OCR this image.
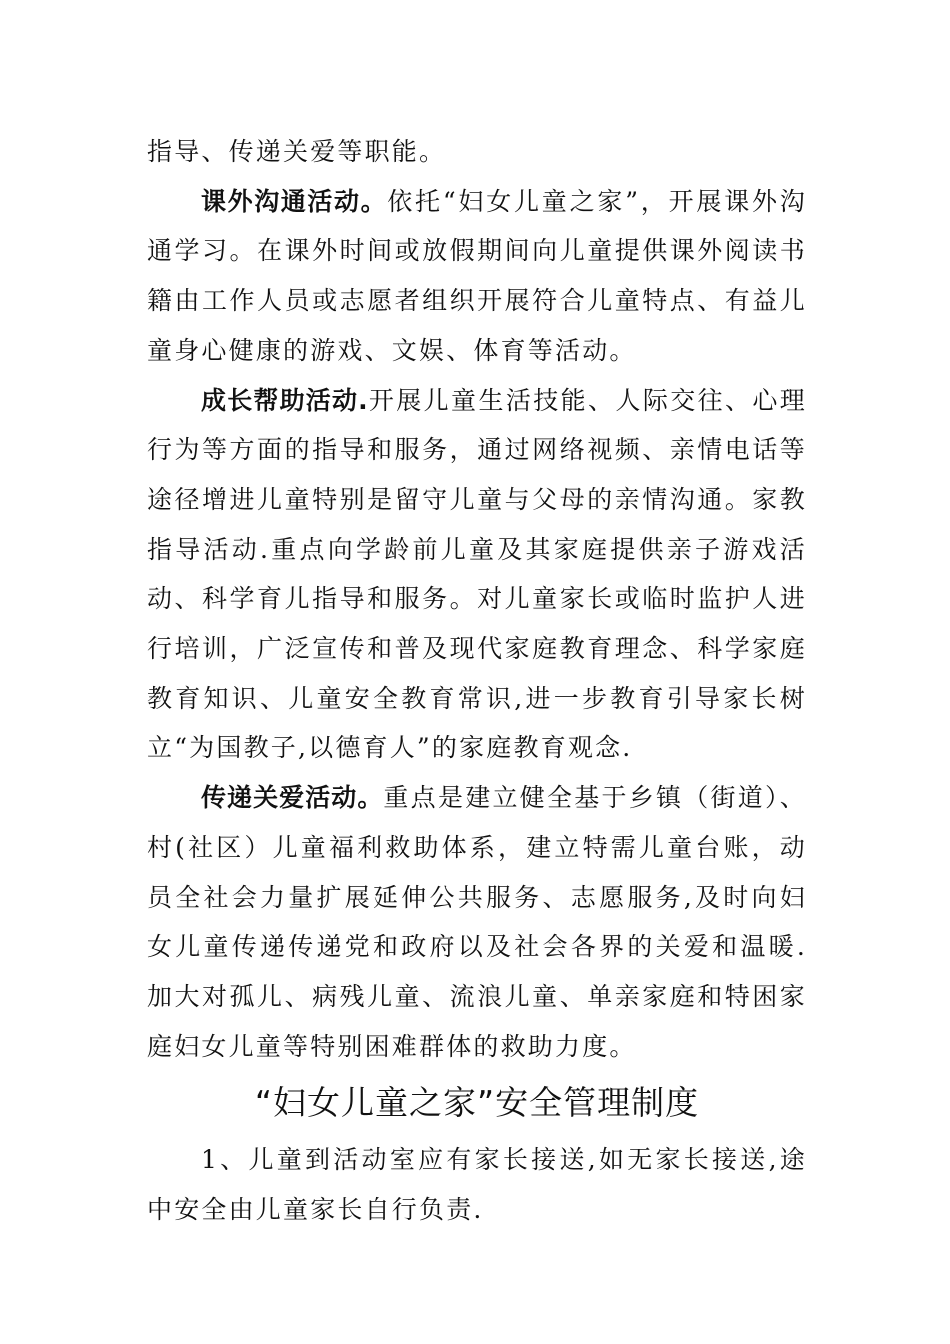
指导、传递关爱等职能。

课外沟通活动。依托“妇女儿童之家”，开展课外沟通学习。在课外时间或放假期间向儿童提供课外阅读书籍由工作人员或志愿者组织开展符合儿童特点、有益儿童身心健康的游戏、文娱、体育等活动。

成长帮助活动.开展儿童生活技能、人际交往、心理行为等方面的指导和服务，通过网络视频、亲情电话等途径增进儿童特别是留守儿童与父母的亲情沟通。家教指导活动.重点向学龄前儿童及其家庭提供亲子游戏活动、科学育儿指导和服务。对儿童家长或临时监护人进行培训，广泛宣传和普及现代家庭教育理念、科学家庭教育知识、儿童安全教育常识,进一步教育引导家长树立“为国教子,以德育人”的家庭教育观念.

传递关爱活动。重点是建立健全基于乡镇（街道）、村(社区）儿童福利救助体系，建立特需儿童台账，动员全社会力量扩展延伸公共服务、志愿服务,及时向妇女儿童传递传递党和政府以及社会各界的关爱和温暖.加大对孤儿、病残儿童、流浪儿童、单亲家庭和特困家庭妇女儿童等特别困难群体的救助力度。

“妇女儿童之家”安全管理制度

1、儿童到活动室应有家长接送,如无家长接送,途中安全由儿童家长自行负责.
